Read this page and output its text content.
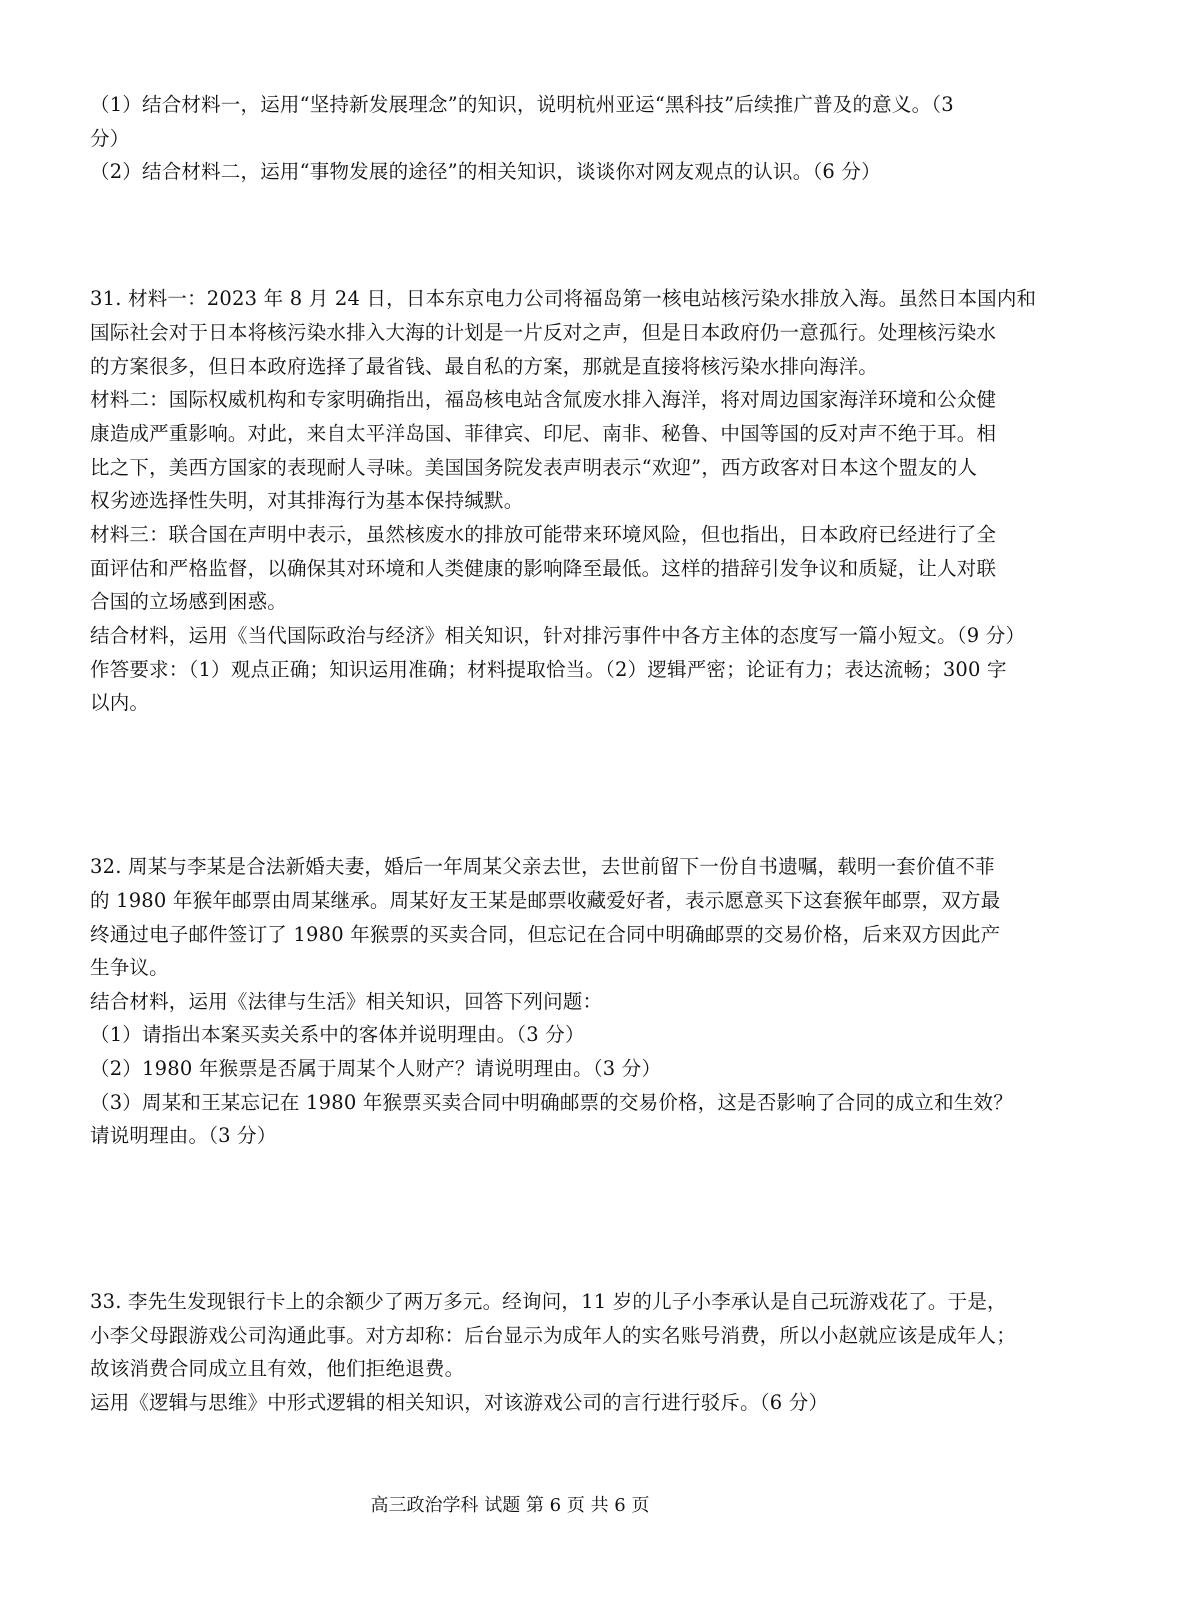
（1）结合材料一，运用“坚持新发展理念”的知识，说明杭州亚运“黑科技”后续推广普及的意义。（3
分）
（2）结合材料二，运用“事物发展的途径”的相关知识，谈谈你对网友观点的认识。（6 分）
31. 材料一：2023 年 8 月 24 日，日本东京电力公司将福岛第一核电站核污染水排放入海。虽然日本国内和
国际社会对于日本将核污染水排入大海的计划是一片反对之声，但是日本政府仍一意孤行。处理核污染水
的方案很多，但日本政府选择了最省钱、最自私的方案，那就是直接将核污染水排向海洋。
材料二：国际权威机构和专家明确指出，福岛核电站含氚废水排入海洋，将对周边国家海洋环境和公众健
康造成严重影响。对此，来自太平洋岛国、菲律宾、印尼、南非、秘鲁、中国等国的反对声不绝于耳。相
比之下，美西方国家的表现耐人寻味。美国国务院发表声明表示“欢迎”，西方政客对日本这个盟友的人
权劣迹选择性失明，对其排海行为基本保持缄默。
材料三：联合国在声明中表示，虽然核废水的排放可能带来环境风险，但也指出，日本政府已经进行了全
面评估和严格监督，以确保其对环境和人类健康的影响降至最低。这样的措辞引发争议和质疑，让人对联
合国的立场感到困惑。
结合材料，运用《当代国际政治与经济》相关知识，针对排污事件中各方主体的态度写一篇小短文。（9 分）
作答要求：（1）观点正确；知识运用准确；材料提取恰当。（2）逻辑严密；论证有力；表达流畅；300 字
以内。
32. 周某与李某是合法新婚夫妻，婚后一年周某父亲去世，去世前留下一份自书遗嘱，载明一套价值不菲
的 1980 年猴年邮票由周某继承。周某好友王某是邮票收藏爱好者，表示愿意买下这套猴年邮票，双方最
终通过电子邮件签订了 1980 年猴票的买卖合同，但忘记在合同中明确邮票的交易价格，后来双方因此产
生争议。
结合材料，运用《法律与生活》相关知识，回答下列问题：
（1）请指出本案买卖关系中的客体并说明理由。（3 分）
（2）1980 年猴票是否属于周某个人财产？请说明理由。（3 分）
（3）周某和王某忘记在 1980 年猴票买卖合同中明确邮票的交易价格，这是否影响了合同的成立和生效？
请说明理由。（3 分）
33. 李先生发现银行卡上的余额少了两万多元。经询问，11 岁的儿子小李承认是自己玩游戏花了。于是，
小李父母跟游戏公司沟通此事。对方却称：后台显示为成年人的实名账号消费，所以小赵就应该是成年人；
故该消费合同成立且有效，他们拒绝退费。
运用《逻辑与思维》中形式逻辑的相关知识，对该游戏公司的言行进行驳斥。（6 分）
高三政治学科 试题 第 6 页 共 6 页
